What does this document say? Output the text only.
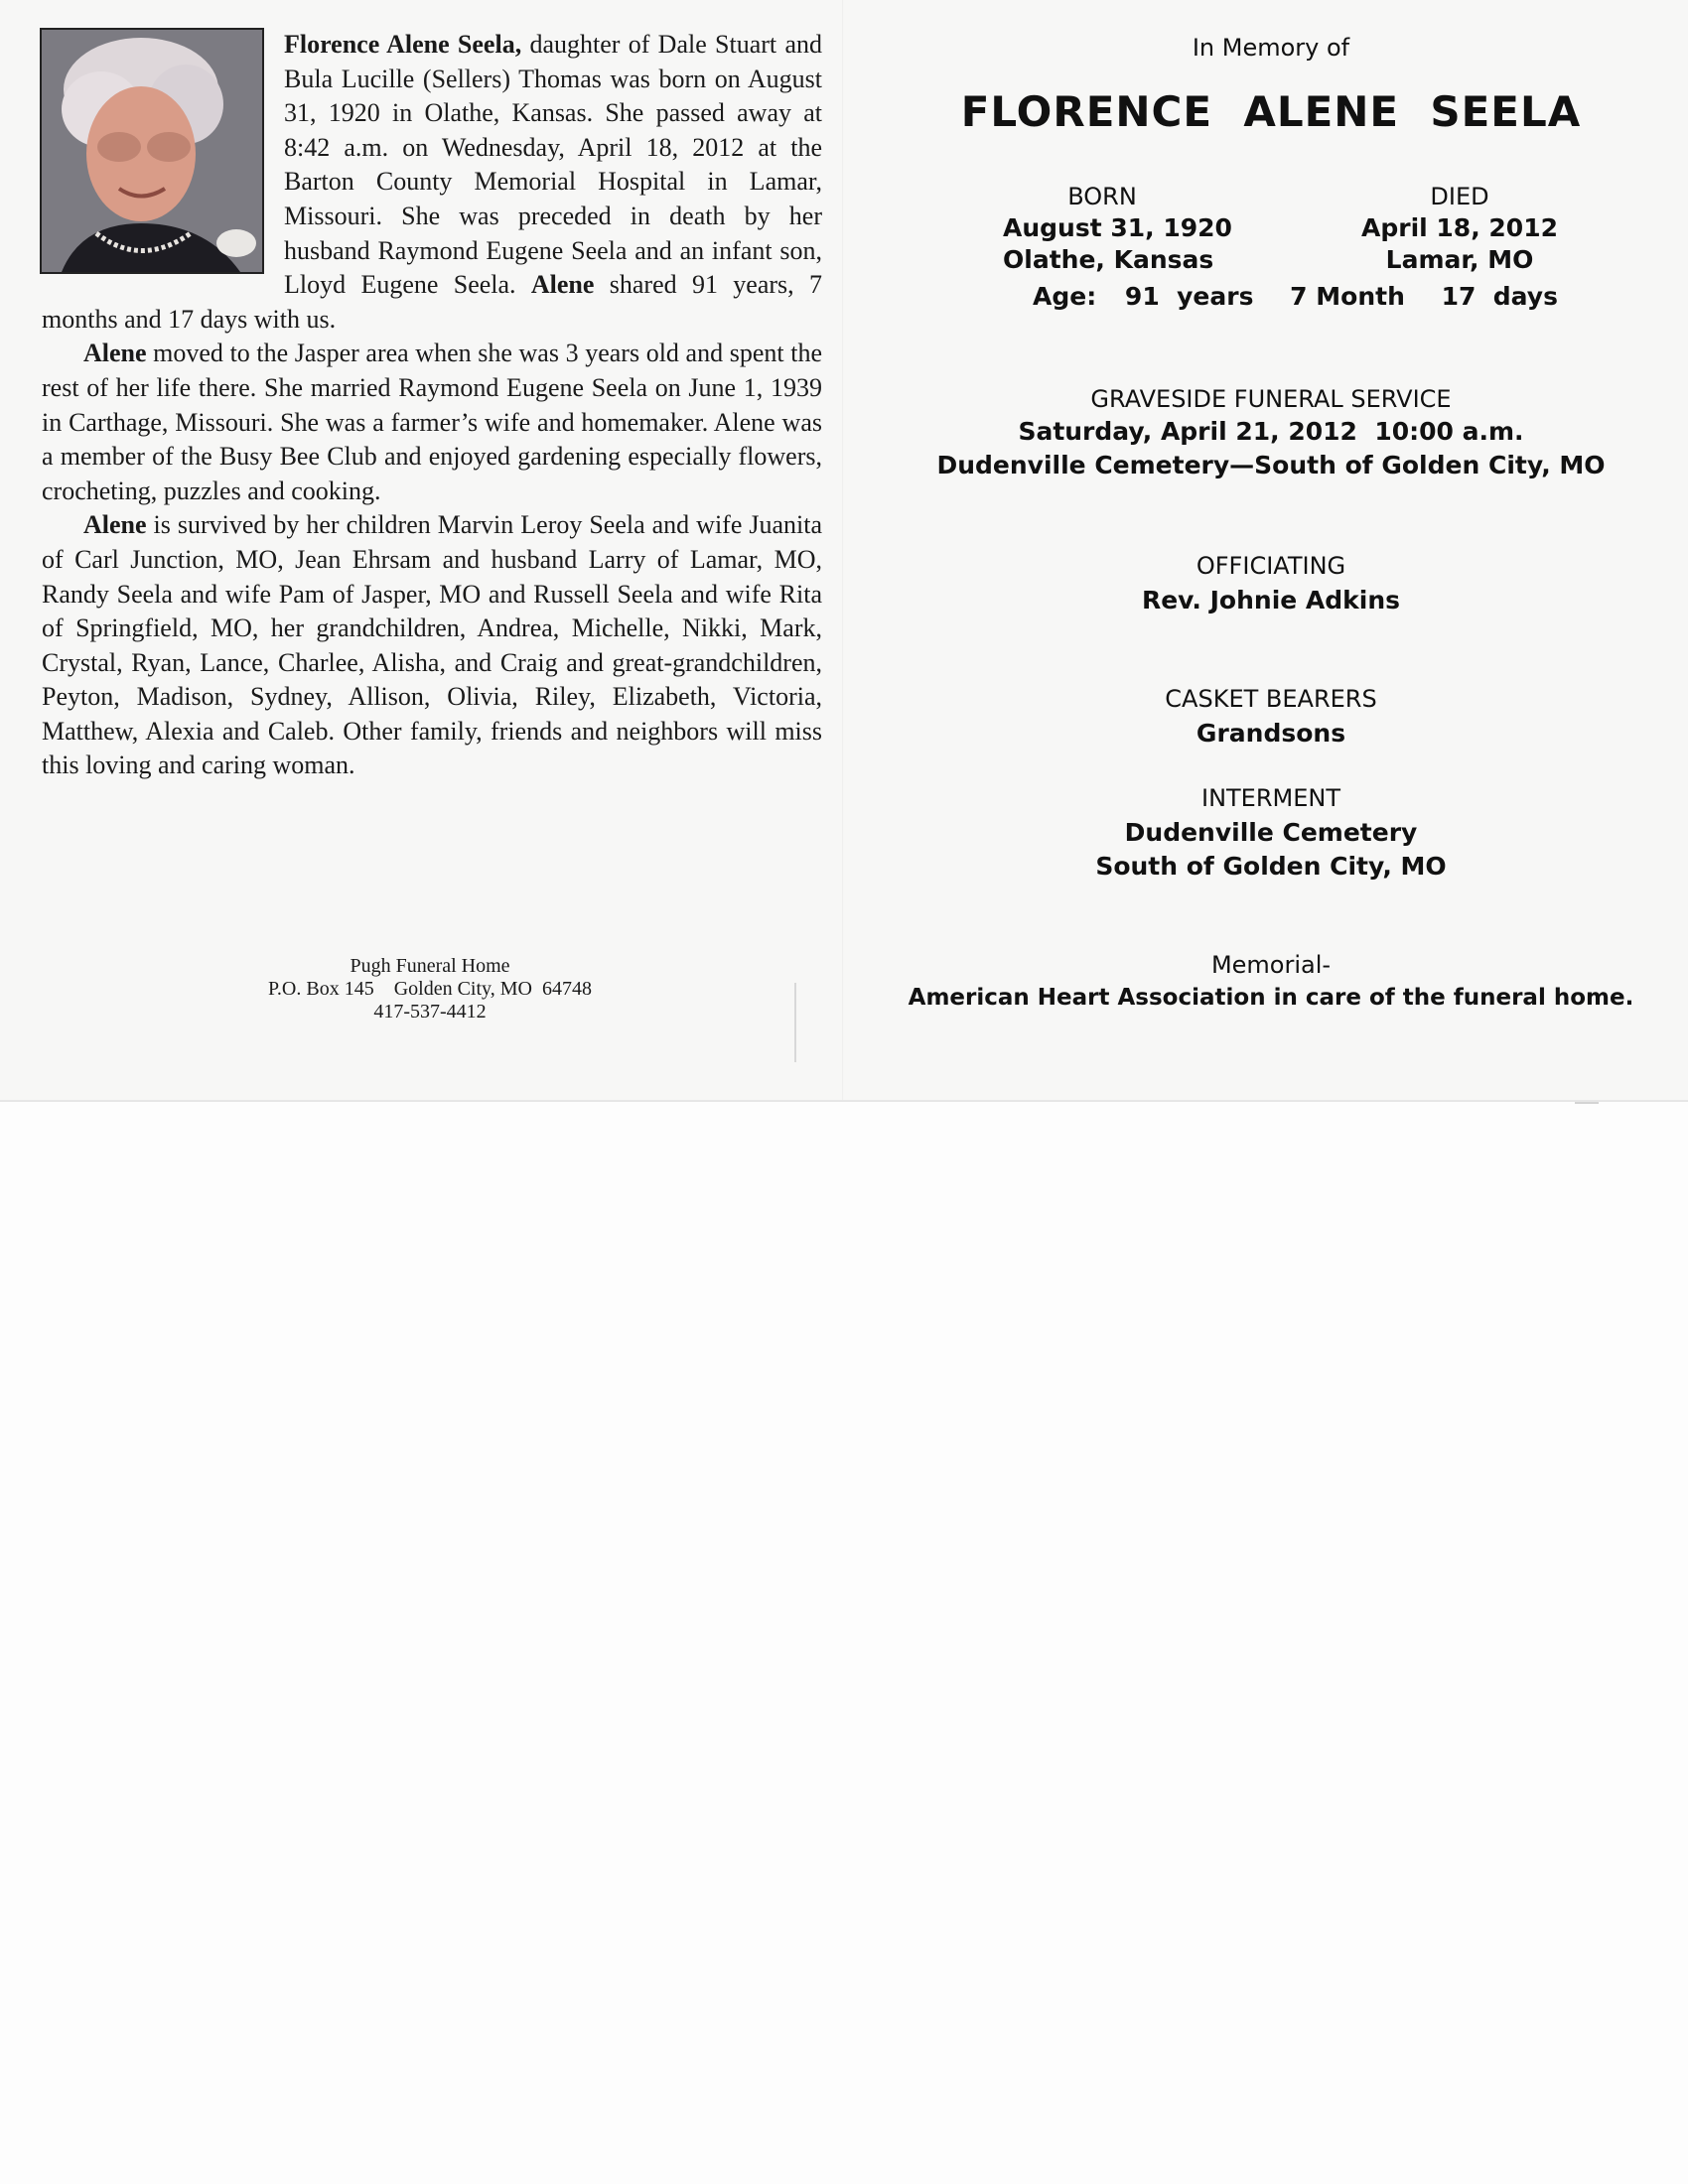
Florence Alene Seela, daughter of Dale Stuart and Bula Lucille (Sellers) Thomas was born on August 31, 1920 in Olathe, Kansas. She passed away at 8:42 a.m. on Wednesday, April 18, 2012 at the Barton County Memorial Hospital in Lamar, Missouri. She was preceded in death by her husband Raymond Eugene Seela and an infant son, Lloyd Eugene Seela. Alene shared 91 years, 7 months and 17 days with us.

Alene moved to the Jasper area when she was 3 years old and spent the rest of her life there. She married Raymond Eugene Seela on June 1, 1939 in Carthage, Missouri. She was a farmer’s wife and homemaker. Alene was a member of the Busy Bee Club and enjoyed gardening especially flowers, crocheting, puzzles and cooking.

Alene is survived by her children Marvin Leroy Seela and wife Juanita of Carl Junction, MO, Jean Ehrsam and husband Larry of Lamar, MO, Randy Seela and wife Pam of Jasper, MO and Russell Seela and wife Rita of Springfield, MO, her grandchildren, Andrea, Michelle, Nikki, Mark, Crystal, Ryan, Lance, Charlee, Alisha, and Craig and great-grandchildren, Peyton, Madison, Sydney, Allison, Olivia, Riley, Elizabeth, Victoria, Matthew, Alexia and Caleb. Other family, friends and neighbors will miss this loving and caring woman.

Pugh Funeral Home
P.O. Box 145    Golden City, MO  64748
417-537-4412
In Memory of
FLORENCE  ALENE  SEELA
BORN
August 31, 1920
Olathe, Kansas
DIED
April 18, 2012
Lamar, MO
Age: 91  years 7 Month 17  days
GRAVESIDE FUNERAL SERVICE
Saturday, April 21, 2012  10:00 a.m.
Dudenville Cemetery—South of Golden City, MO
OFFICIATING
Rev. Johnie Adkins
CASKET BEARERS
Grandsons
INTERMENT
Dudenville Cemetery
South of Golden City, MO
Memorial-
American Heart Association in care of the funeral home.
